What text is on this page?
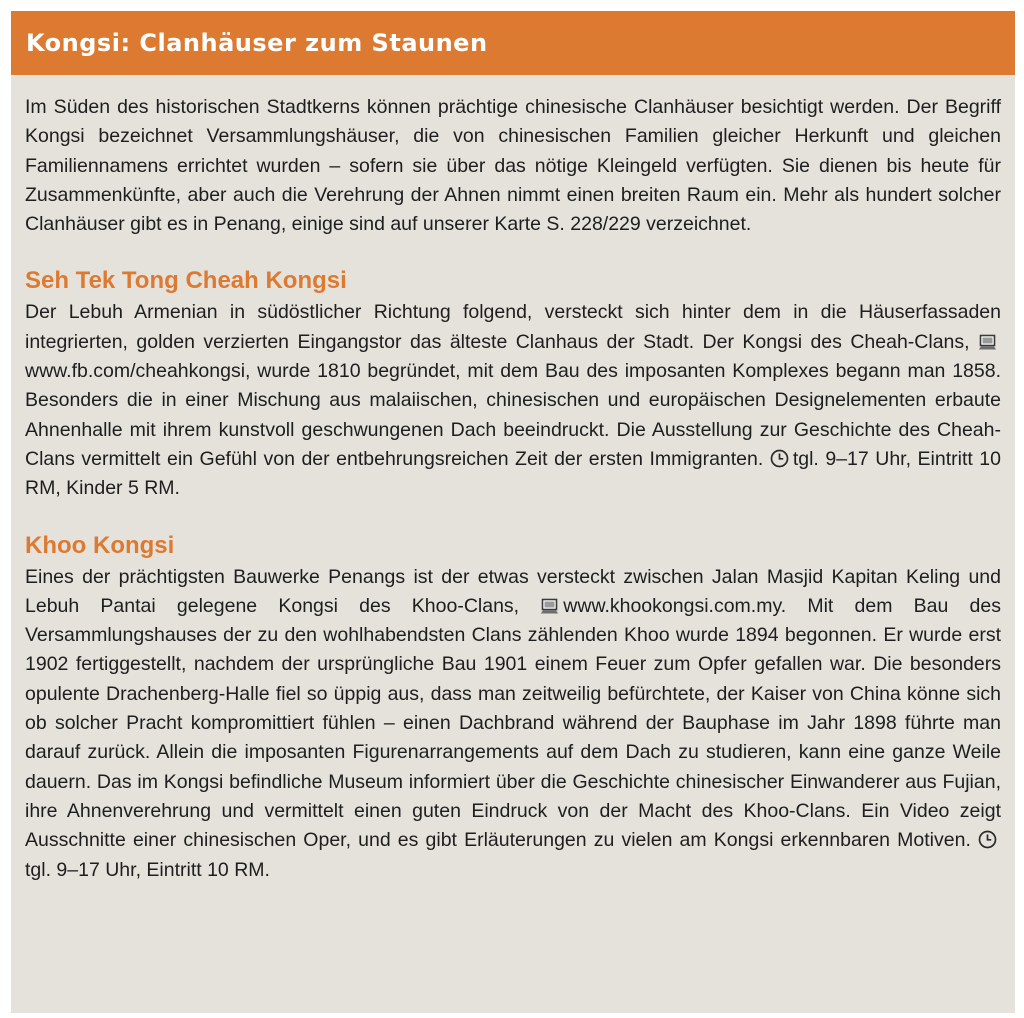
Kongsi: Clanhäuser zum Staunen

Im Süden des historischen Stadtkerns können prächtige chinesische Clanhäuser besichtigt werden. Der Begriff Kongsi bezeichnet Versammlungshäuser, die von chinesischen Familien gleicher Herkunft und gleichen Familiennamens errichtet wurden – sofern sie über das nötige Kleingeld verfügten. Sie dienen bis heute für Zusammenkünfte, aber auch die Verehrung der Ahnen nimmt einen breiten Raum ein. Mehr als hundert solcher Clanhäuser gibt es in Penang, einige sind auf unserer Karte S. 228/229 verzeichnet.

Seh Tek Tong Cheah Kongsi

Der Lebuh Armenian in südöstlicher Richtung folgend, versteckt sich hinter dem in die Häuserfassaden integrierten, golden verzierten Eingangstor das älteste Clanhaus der Stadt. Der Kongsi des Cheah-Clans,
www.fb.com/cheahkongsi, wurde 1810 begründet, mit dem Bau des imposanten Komplexes begann man 1858. Besonders die in einer Mischung aus malaiischen, chinesischen und europäischen Designelementen erbaute Ahnenhalle mit ihrem kunstvoll geschwungenen Dach beeindruckt. Die Ausstellung zur Geschichte des Cheah-Clans vermittelt ein Gefühl von der entbehrungsreichen Zeit der ersten Immigranten.
tgl. 9–17 Uhr, Eintritt 10 RM, Kinder 5 RM.

Khoo Kongsi

Eines der prächtigsten Bauwerke Penangs ist der etwas versteckt zwischen Jalan Masjid Kapitan Keling und Lebuh Pantai gelegene Kongsi des Khoo-Clans,
www.khookongsi.com.my. Mit dem Bau des Versammlungshauses der zu den wohlhabendsten Clans zählenden Khoo wurde 1894 begonnen. Er wurde erst 1902 fertiggestellt, nachdem der ursprüngliche Bau 1901 einem Feuer zum Opfer gefallen war. Die besonders opulente Drachenberg-Halle fiel so üppig aus, dass man zeitweilig befürchtete, der Kaiser von China könne sich ob solcher Pracht kompromittiert fühlen – einen Dachbrand während der Bauphase im Jahr 1898 führte man darauf zurück. Allein die imposanten Figurenarrangements auf dem Dach zu studieren, kann eine ganze Weile dauern. Das im Kongsi befindliche Museum informiert über die Geschichte chinesischer Einwanderer aus Fujian, ihre Ahnenverehrung und vermittelt einen guten Eindruck von der Macht des Khoo-Clans. Ein Video zeigt Ausschnitte einer chinesischen Oper, und es gibt Erläuterungen zu vielen am Kongsi erkennbaren Motiven.
tgl. 9–17 Uhr, Eintritt 10 RM.
